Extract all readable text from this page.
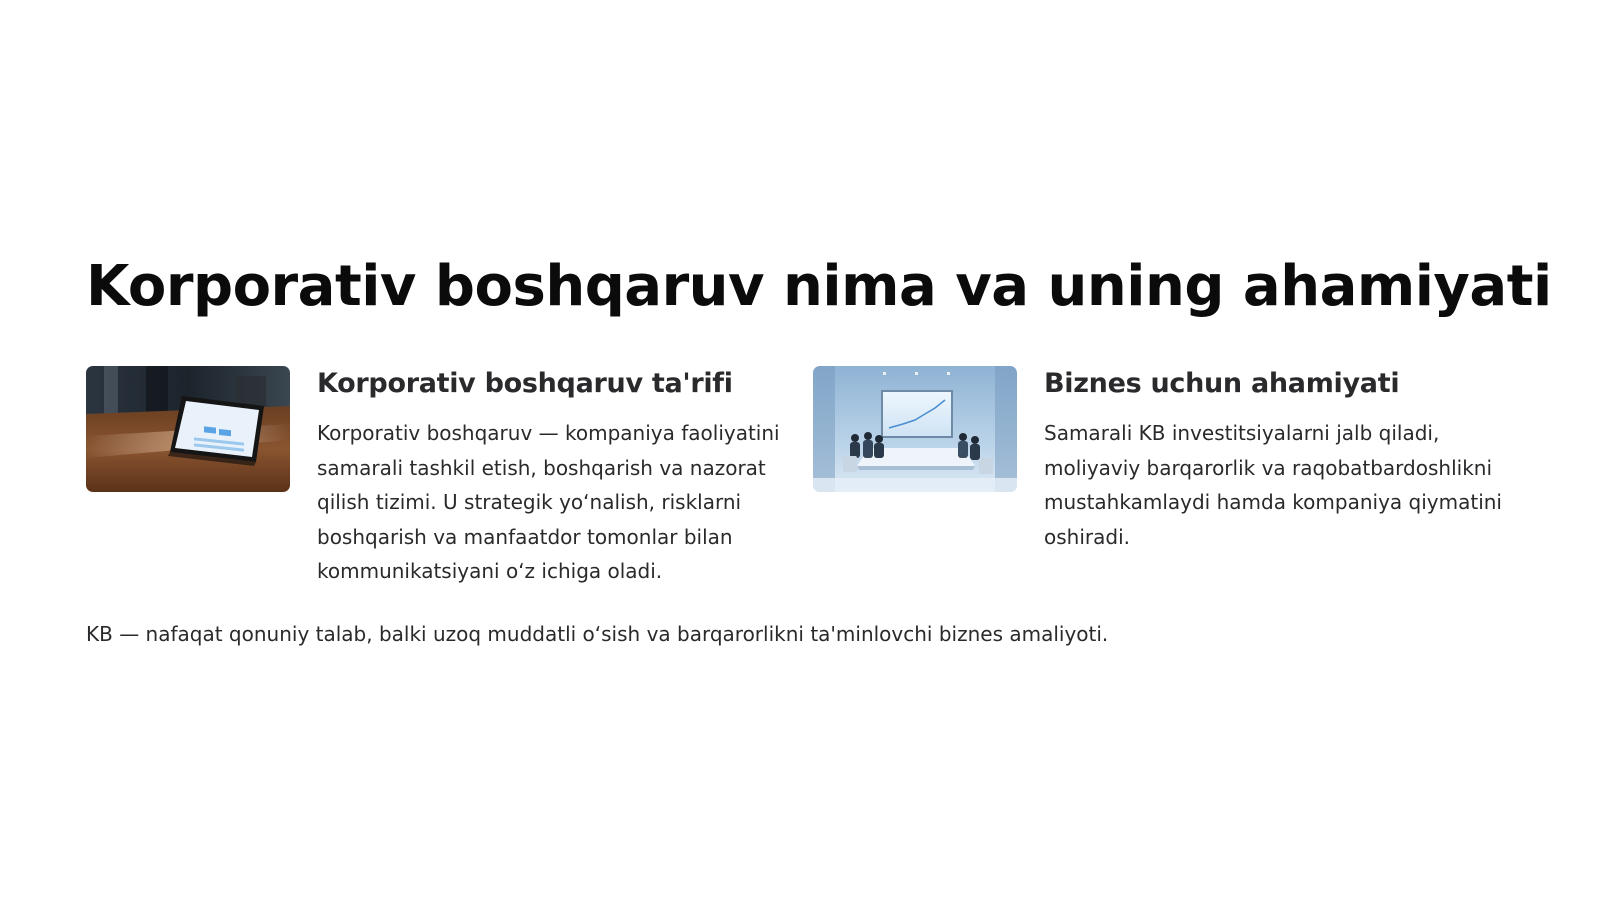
Korporativ boshqaruv nima va uning ahamiyati
Korporativ boshqaruv ta'rifi

Korporativ boshqaruv — kompaniya faoliyatini samarali tashkil etish, boshqarish va nazorat qilish tizimi. U strategik yo‘nalish, risklarni boshqarish va manfaatdor tomonlar bilan kommunikatsiyani o‘z ichiga oladi.

Biznes uchun ahamiyati

Samarali KB investitsiyalarni jalb qiladi, moliyaviy barqarorlik va raqobatbardoshlikni mustahkamlaydi hamda kompaniya qiymatini oshiradi.

KB — nafaqat qonuniy talab, balki uzoq muddatli o‘sish va barqarorlikni ta'minlovchi biznes amaliyoti.
